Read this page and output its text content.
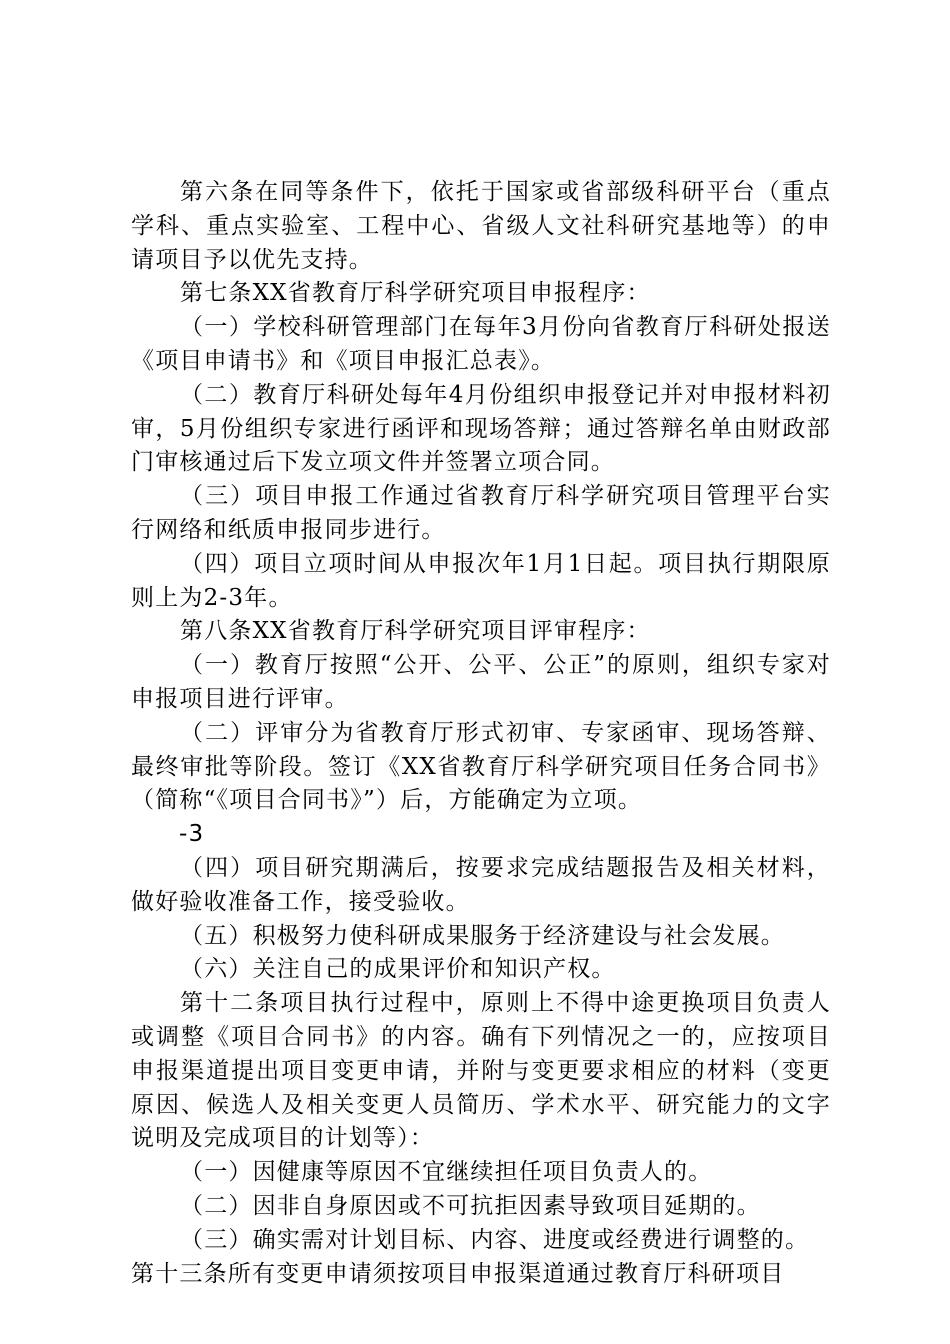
第六条在同等条件下，依托于国家或省部级科研平台（重点学科、重点实验室、工程中心、省级人文社科研究基地等）的申请项目予以优先支持。

第七条XX省教育厅科学研究项目申报程序：

（一）学校科研管理部门在每年3月份向省教育厅科研处报送《项目申请书》和《项目申报汇总表》。

（二）教育厅科研处每年4月份组织申报登记并对申报材料初审，5月份组织专家进行函评和现场答辩；通过答辩名单由财政部门审核通过后下发立项文件并签署立项合同。

（三）项目申报工作通过省教育厅科学研究项目管理平台实行网络和纸质申报同步进行。

（四）项目立项时间从申报次年1月1日起。项目执行期限原则上为2-3年。

第八条XX省教育厅科学研究项目评审程序：

（一）教育厅按照“公开、公平、公正”的原则，组织专家对申报项目进行评审。

（二）评审分为省教育厅形式初审、专家函审、现场答辩、最终审批等阶段。签订《XX省教育厅科学研究项目任务合同书》（简称“《项目合同书》”）后，方能确定为立项。

-3

（四）项目研究期满后，按要求完成结题报告及相关材料，做好验收准备工作，接受验收。

（五）积极努力使科研成果服务于经济建设与社会发展。

（六）关注自己的成果评价和知识产权。

第十二条项目执行过程中，原则上不得中途更换项目负责人或调整《项目合同书》的内容。确有下列情况之一的，应按项目申报渠道提出项目变更申请，并附与变更要求相应的材料（变更原因、候选人及相关变更人员简历、学术水平、研究能力的文字说明及完成项目的计划等）：

（一）因健康等原因不宜继续担任项目负责人的。

（二）因非自身原因或不可抗拒因素导致项目延期的。

（三）确实需对计划目标、内容、进度或经费进行调整的。

第十三条所有变更申请须按项目申报渠道通过教育厅科研项目
